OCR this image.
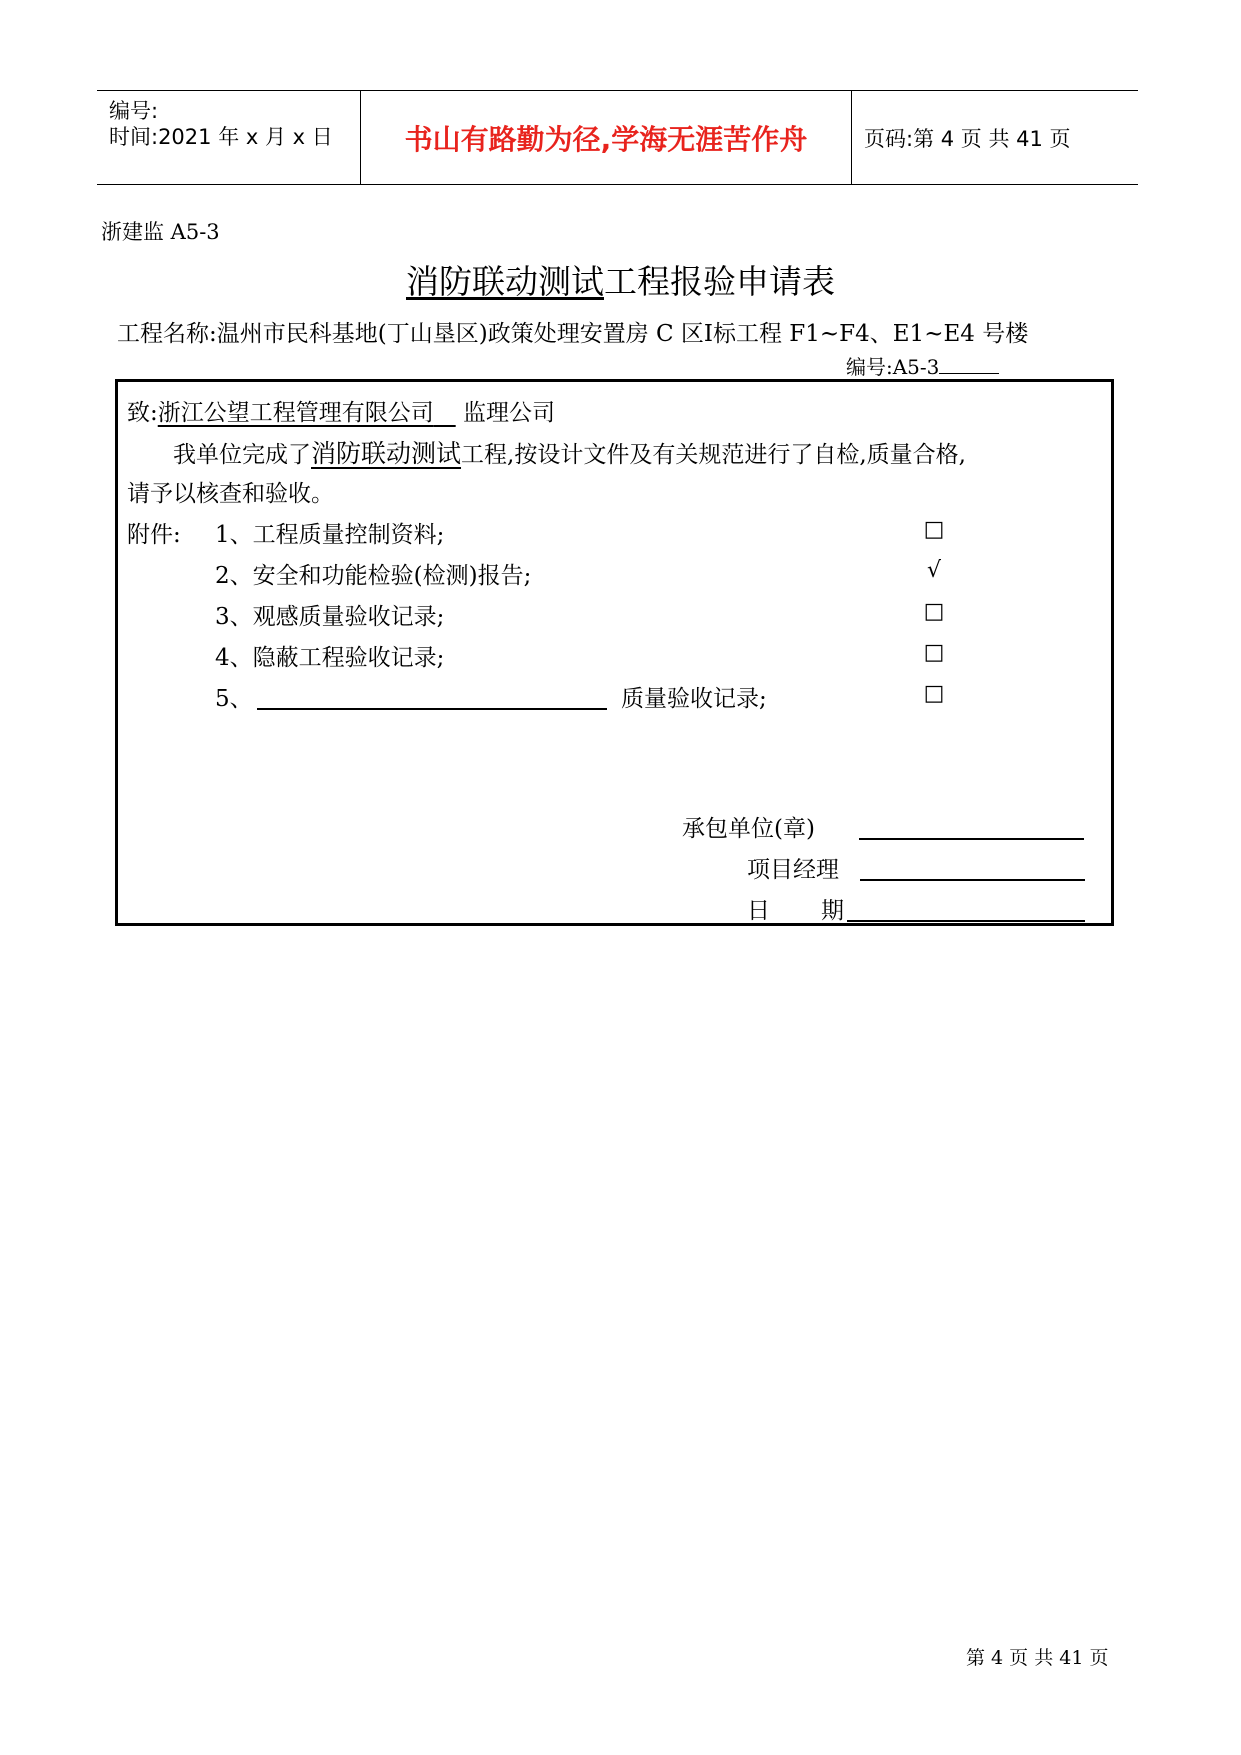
编号:
时间:2021 年 x 月 x 日	书山有路勤为径,学海无涯苦作舟	页码:第 4 页 共 41 页
浙建监 A5-3
消防联动测试工程报验申请表
工程名称:温州市民科基地(丁山垦区)政策处理安置房 C 区Ⅰ标工程 F1~F4、E1~E4 号楼
编号:A5-3
致:浙江公望工程管理有限公司 监理公司
我单位完成了消防联动测试工程,按设计文件及有关规范进行了自检,质量合格,
请予以核查和验收。
附件: 1、工程质量控制资料;	□
2、安全和功能检验(检测)报告;	√
3、观感质量验收记录;	□
4、隐蔽工程验收记录;	□
5、	质量验收记录;	□
承包单位(章)
项目经理
日 期
第 4 页 共 41 页
